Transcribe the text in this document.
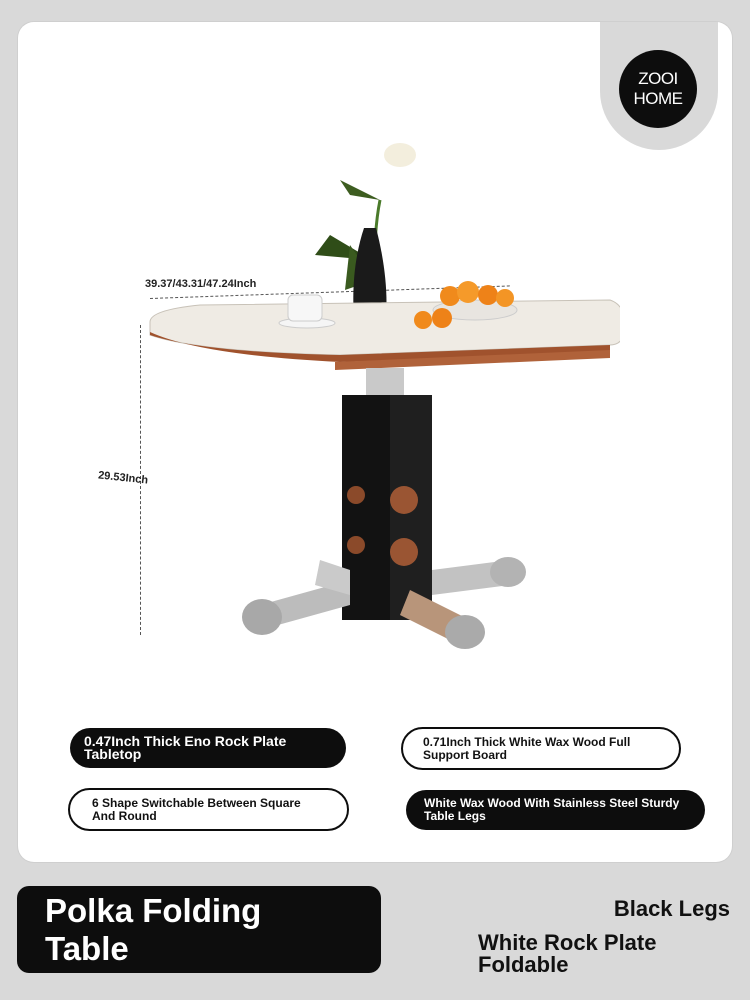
ZOOI
HOME
39.37/43.31/47.24Inch
29.53Inch
0.47Inch Thick Eno Rock Plate Tabletop
0.71Inch Thick White Wax Wood Full Support Board
6 Shape Switchable Between Square And Round
White Wax Wood With Stainless Steel Sturdy Table Legs
Polka Folding Table
Black Legs
White Rock Plate Foldable
